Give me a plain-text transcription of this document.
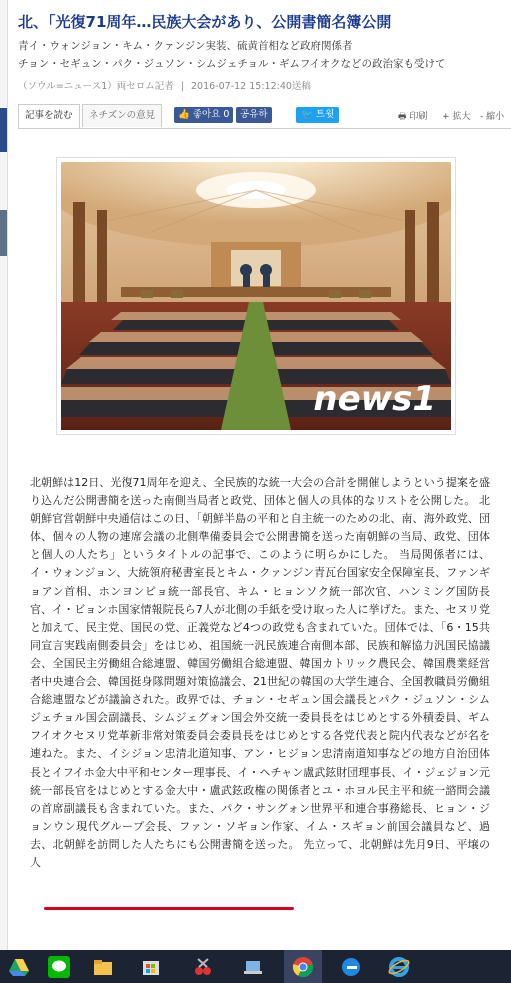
北、「光復71周年…民族大会があり、公開書簡名簿公開
青イ・ウォンジョン・キム・クァンジン実装、硫黄首相など政府関係者
チョン・セギュン・パク・ジュソン・シムジェチョル・ギムフイオクなどの政治家も受けて
（ソウル=ニュース1）両セロム記者 | 2016-07-12 15:12:40送稿
記事を読む	ネチズンの意見	👍 좋아요 0	공유하	🐦 트윗	🖶 印刷 + 拡大 - 縮小
news1
北朝鮮は12日、光復71周年を迎え、全民族的な統一大会の合計を開催しようという提案を盛り込んだ公開書簡を送った南側当局者と政党、団体と個人の具体的なリストを公開した。 北朝鮮官営朝鮮中央通信はこの日、「朝鮮半島の平和と自主統一のための北、南、海外政党、団体、個々の人物の連席会議の北側準備委員会で公開書簡を送った南朝鮮の当局、政党、団体と個人の人たち」というタイトルの記事で、このように明らかにした。 当局関係者には、イ・ウォンジョン、大統領府秘書室長とキム・クァンジン青瓦台国家安全保障室長、ファンギョアン首相、ホンヨンピョ統一部長官、キム・ヒョンソク統一部次官、ハンミング国防長官、イ・ビョンホ国家情報院長ら7人が北側の手紙を受け取った人に挙げた。また、セヌリ党と加えて、民主党、国民の党、正義党など4つの政党も含まれていた。団体では、「6・15共同宣言実践南側委員会」をはじめ、祖国統一汎民族連合南側本部、民族和解協力汎国民協議会、全国民主労働組合総連盟、韓国労働組合総連盟、韓国カトリック農民会、韓国農業経営者中央連合会、韓国挺身隊問題対策協議会、21世紀の韓国の大学生連合、全国教職員労働組合総連盟などが議論された。政界では、チョン・セギュン国会議長とパク・ジュソン・シムジェチョル国会副議長、シムジェグォン国会外交統一委員長をはじめとする外積委員、ギムフイオクセヌリ党革新非常対策委員会委員長をはじめとする各党代表と院内代表などが名を連ねた。また、イシジョン忠清北道知事、アン・ヒジョン忠清南道知事などの地方自治団体長とイフイホ金大中平和センター理事長、イ・ヘチャン盧武鉉財団理事長、イ・ジェジョン元統一部長官をはじめとする金大中・盧武鉉政権の関係者とユ・ホヨル民主平和統一諮問会議の首席副議長も含まれていた。また、パク・サングォン世界平和連合事務総長、ヒョン・ジョンウン現代グループ会長、ファン・ソギョン作家、イム・スギョン前国会議員など、過去、北朝鮮を訪問した人たちにも公開書簡を送った。 先立って、北朝鮮は先月9日、平壌の人
